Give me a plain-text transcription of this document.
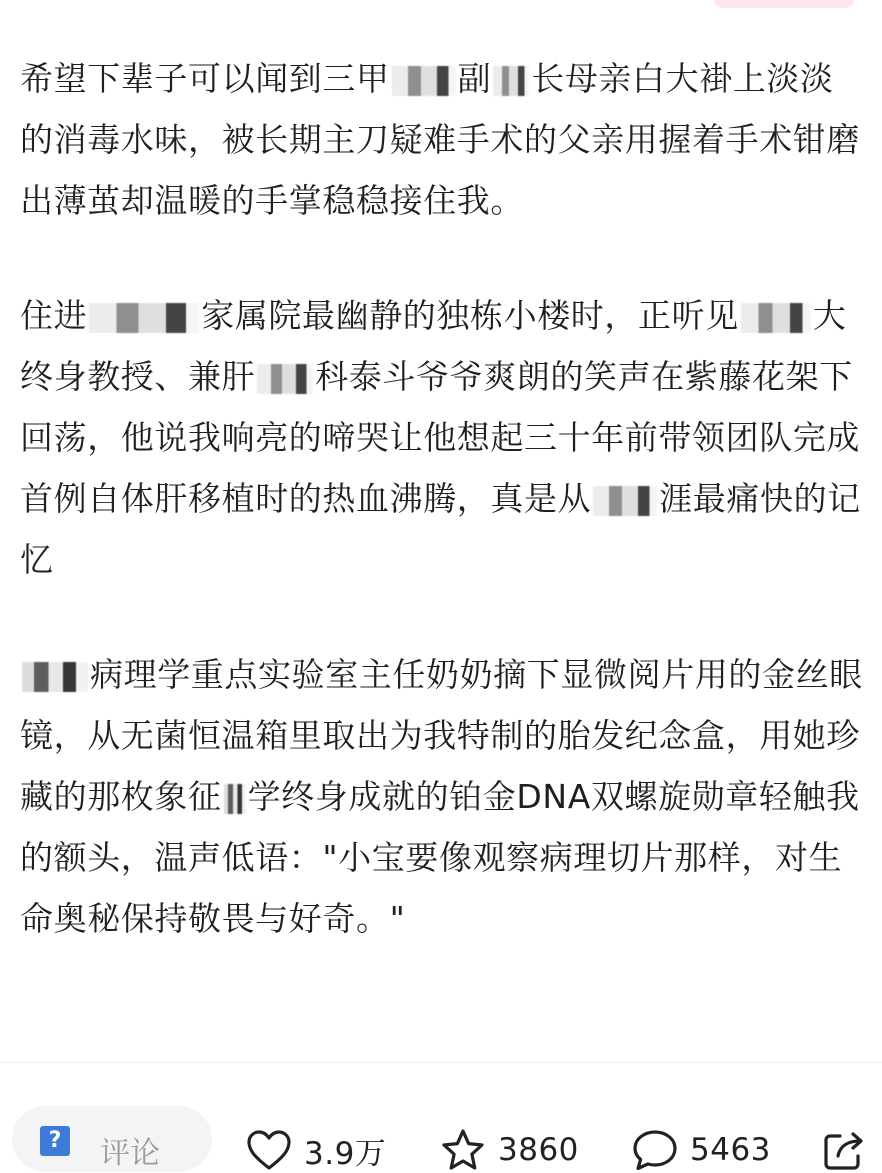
希望下辈子可以闻到三甲 副 长母亲白大褂上淡淡的消毒水味，被长期主刀疑难手术的父亲用握着手术钳磨出薄茧却温暖的手掌稳稳接住我。

住进	家属院最幽静的独栋小楼时，正听见 大终身教授、兼肝 科泰斗爷爷爽朗的笑声在紫藤花架下回荡，他说我响亮的啼哭让他想起三十年前带领团队完成首例自体肝移植时的热血沸腾，真是从 涯最痛快的记忆

病理学重点实验室主任奶奶摘下显微阅片用的金丝眼镜，从无菌恒温箱里取出为我特制的胎发纪念盒，用她珍藏的那枚象征 学终身成就的铂金DNA双螺旋勋章轻触我的额头，温声低语："小宝要像观察病理切片那样，对生命奥秘保持敬畏与好奇。"

? 评论	3.9万	3860	5463
